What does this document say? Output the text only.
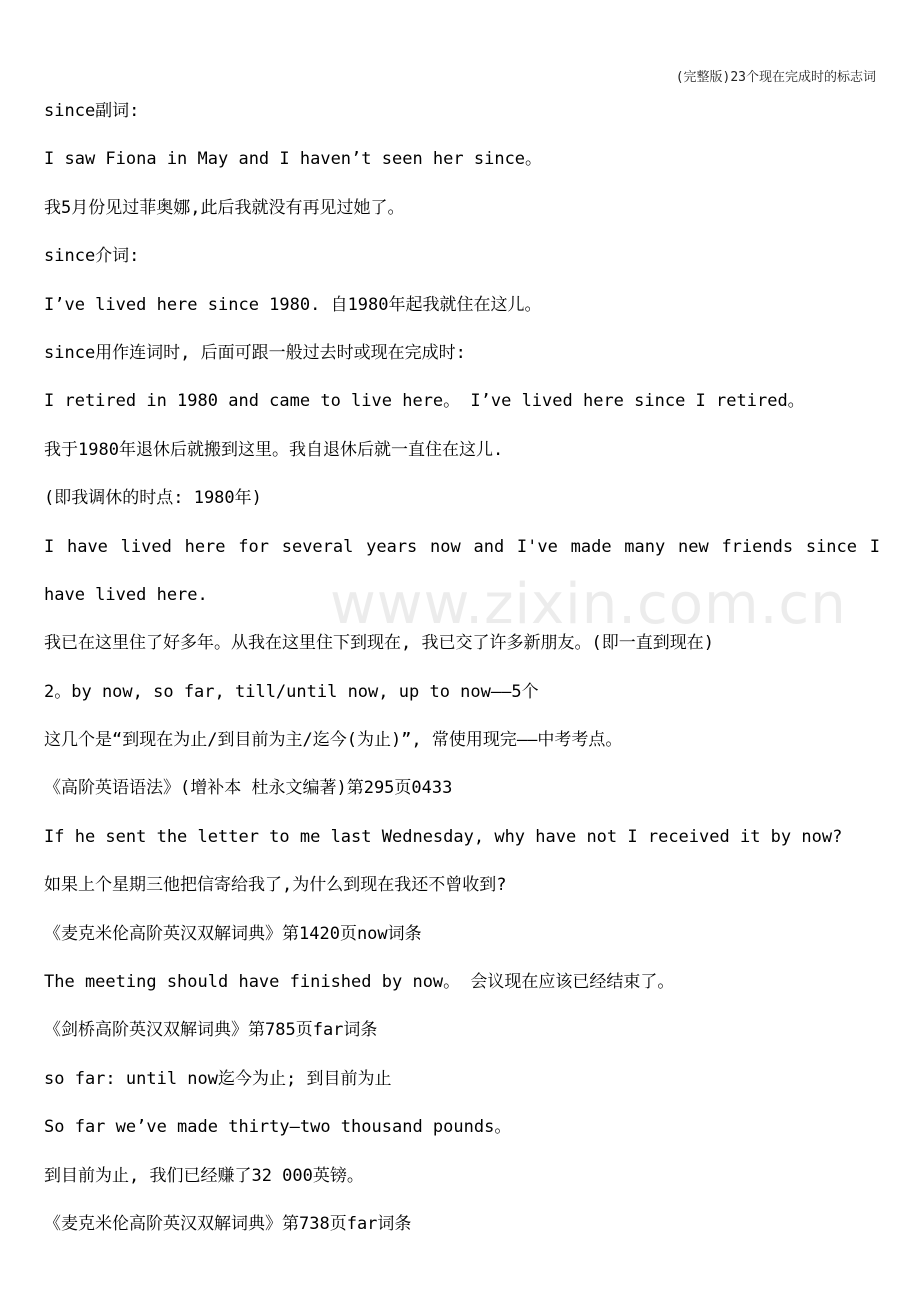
(完整版)23个现在完成时的标志词
www.zixin.com.cn
since副词:
I saw Fiona in May and I haven’t seen her since。
我5月份见过菲奥娜,此后我就没有再见过她了。
since介词:
I’ve lived here since 1980. 自1980年起我就住在这儿。
since用作连词时, 后面可跟一般过去时或现在完成时:
I retired in 1980 and came to live here。 I’ve lived here since I retired。
我于1980年退休后就搬到这里。我自退休后就一直住在这儿.
(即我调休的时点: 1980年)
I have lived here for several years now and I've made many new friends since I
have lived here.
我已在这里住了好多年。从我在这里住下到现在, 我已交了许多新朋友。(即一直到现在)
2。by now, so far, till/until now, up to now——5个
这几个是“到现在为止/到目前为主/迄今(为止)”, 常使用现完——中考考点。
《高阶英语语法》(增补本 杜永文编著)第295页0433
If he sent the letter to me last Wednesday, why have not I received it by now?
如果上个星期三他把信寄给我了,为什么到现在我还不曾收到?
《麦克米伦高阶英汉双解词典》第1420页now词条
The meeting should have finished by now。 会议现在应该已经结束了。
《剑桥高阶英汉双解词典》第785页far词条
so far: until now迄今为止; 到目前为止
So far we’ve made thirty—two thousand pounds。
到目前为止, 我们已经赚了32 000英镑。
《麦克米伦高阶英汉双解词典》第738页far词条
